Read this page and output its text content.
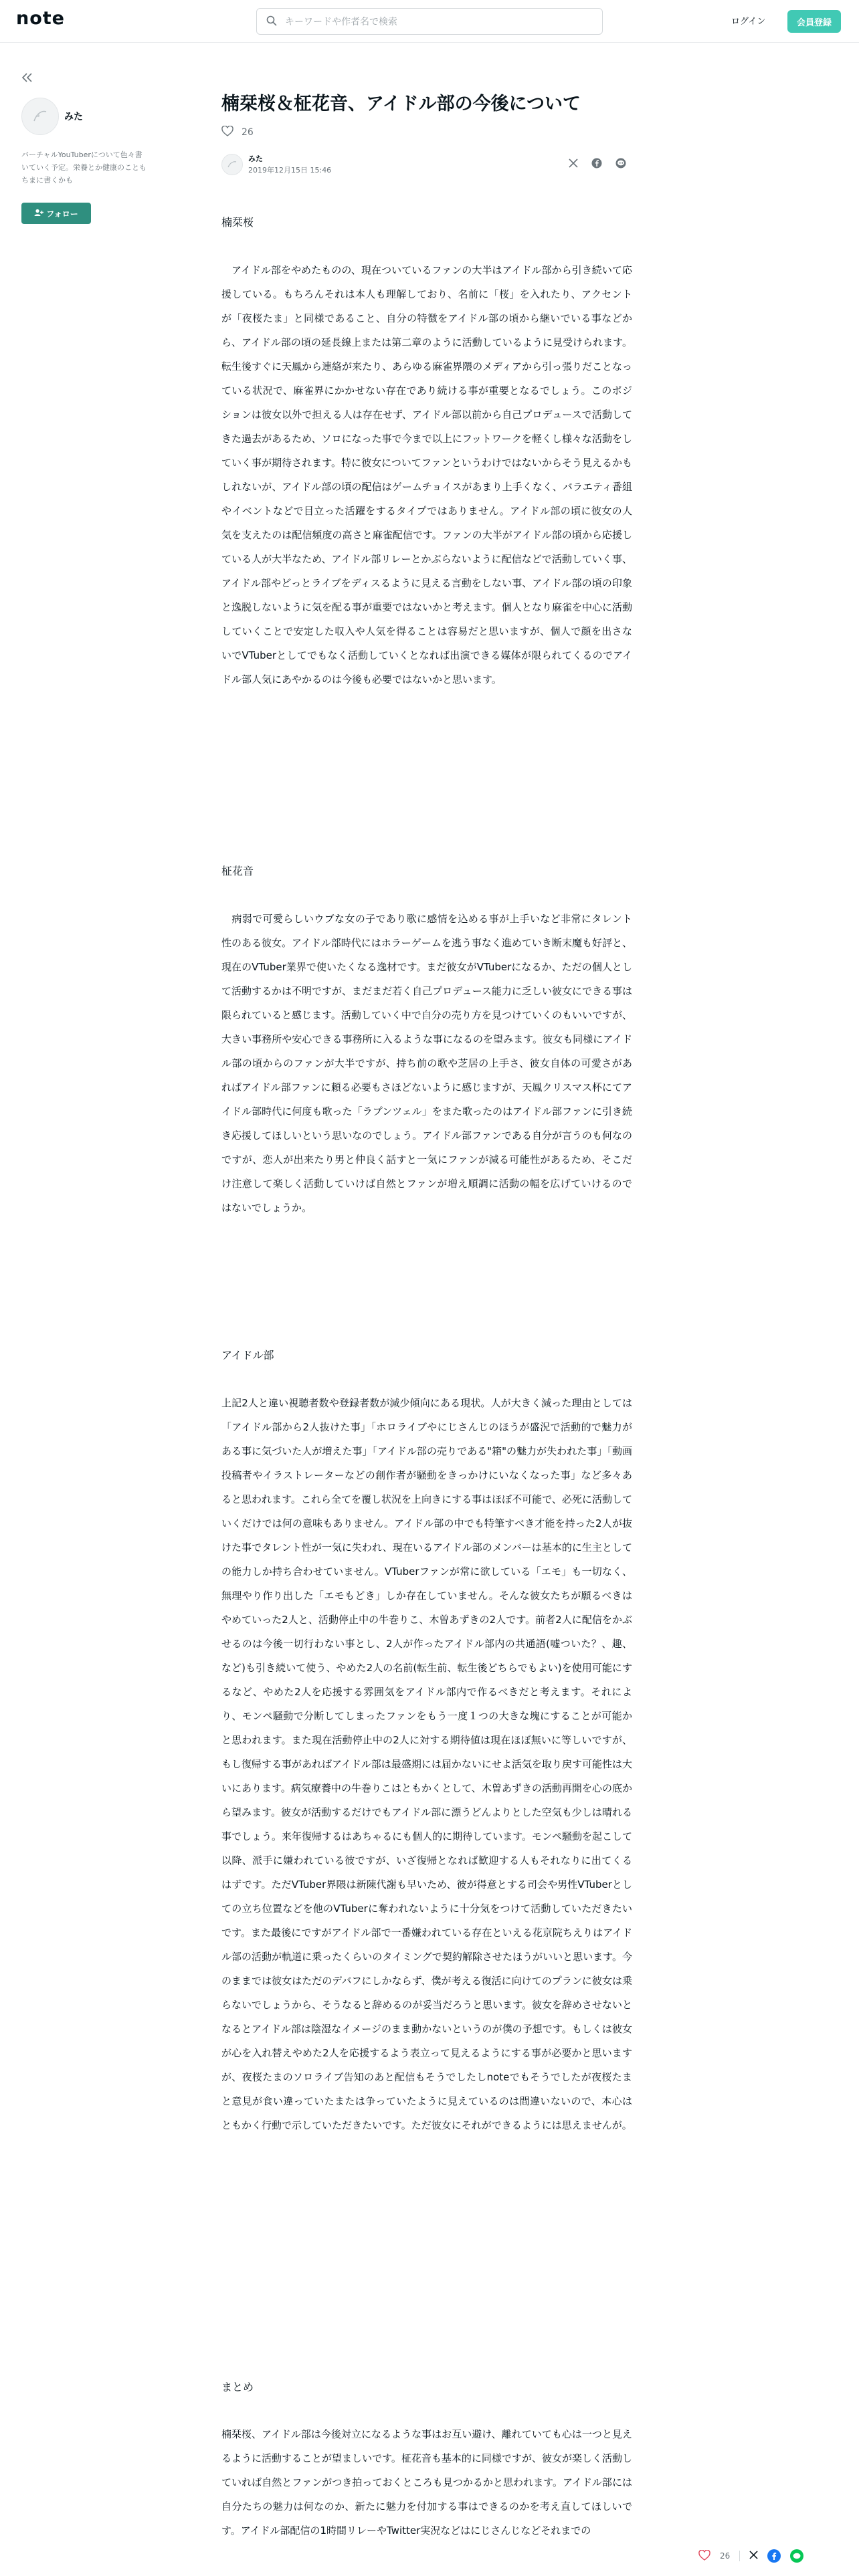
note
キーワードや作者名で検索	ログイン	会員登録
みた
バーチャルYouTuberについて色々書いていく予定。栄養とか健康のこともちまに書くかも
フォロー
楠栞桜＆柾花音、アイドル部の今後について
26
みた
2019年12月15日 15:46
楠栞桜

　アイドル部をやめたものの、現在ついているファンの大半はアイドル部から引き続いて応援している。もちろんそれは本人も理解しており、名前に「桜」を入れたり、アクセントが「夜桜たま」と同様であること、自分の特徴をアイドル部の頃から継いでいる事などから、アイドル部の頃の延長線上または第二章のように活動しているように見受けられます。転生後すぐに天鳳から連絡が来たり、あらゆる麻雀界隈のメディアから引っ張りだことなっている状況で、麻雀界にかかせない存在であり続ける事が重要となるでしょう。このポジションは彼女以外で担える人は存在せず、アイドル部以前から自己プロデュースで活動してきた過去があるため、ソロになった事で今まで以上にフットワークを軽くし様々な活動をしていく事が期待されます。特に彼女についてファンというわけではないからそう見えるかもしれないが、アイドル部の頃の配信はゲームチョイスがあまり上手くなく、バラエティ番組やイベントなどで目立った活躍をするタイプではありません。アイドル部の頃に彼女の人気を支えたのは配信頻度の高さと麻雀配信です。ファンの大半がアイドル部の頃から応援している人が大半なため、アイドル部リレーとかぶらないように配信などで活動していく事、アイドル部やどっとライブをディスるように見える言動をしない事、アイドル部の頃の印象と逸脱しないように気を配る事が重要ではないかと考えます。個人となり麻雀を中心に活動していくことで安定した収入や人気を得ることは容易だと思いますが、個人で顔を出さないでVTuberとしてでもなく活動していくとなれば出演できる媒体が限られてくるのでアイドル部人気にあやかるのは今後も必要ではないかと思います。

柾花音

　病弱で可愛らしいウブな女の子であり歌に感情を込める事が上手いなど非常にタレント性のある彼女。アイドル部時代にはホラーゲームを逃う事なく進めていき断末魔も好評と、現在のVTuber業界で使いたくなる逸材です。まだ彼女がVTuberになるか、ただの個人として活動するかは不明ですが、まだまだ若く自己プロデュース能力に乏しい彼女にできる事は限られていると感じます。活動していく中で自分の売り方を見つけていくのもいいですが、大きい事務所や安心できる事務所に入るような事になるのを望みます。彼女も同様にアイドル部の頃からのファンが大半ですが、持ち前の歌や芝居の上手さ、彼女自体の可愛さがあればアイドル部ファンに頼る必要もさほどないように感じますが、天鳳クリスマス杯にてアイドル部時代に何度も歌った「ラプンツェル」をまた歌ったのはアイドル部ファンに引き続き応援してほしいという思いなのでしょう。アイドル部ファンである自分が言うのも何なのですが、恋人が出来たり男と仲良く話すと一気にファンが減る可能性があるため、そこだけ注意して楽しく活動していけば自然とファンが増え順調に活動の幅を広げていけるのではないでしょうか。

アイドル部

上記2人と違い視聴者数や登録者数が減少傾向にある現状。人が大きく減った理由としては「アイドル部から2人抜けた事」「ホロライブやにじさんじのほうが盛況で活動的で魅力がある事に気づいた人が増えた事」「アイドル部の売りである"箱"の魅力が失われた事」「動画投稿者やイラストレーターなどの創作者が騒動をきっかけにいなくなった事」など多々あると思われます。これら全てを覆し状況を上向きにする事はほぼ不可能で、必死に活動していくだけでは何の意味もありません。アイドル部の中でも特筆すべき才能を持った2人が抜けた事でタレント性が一気に失われ、現在いるアイドル部のメンバーは基本的に生主としての能力しか持ち合わせていません。VTuberファンが常に欲している「エモ」も一切なく、無理やり作り出した「エモもどき」しか存在していません。そんな彼女たちが願るべきはやめていった2人と、活動停止中の牛巻りこ、木曽あずきの2人です。前者2人に配信をかぶせるのは今後一切行わない事とし、2人が作ったアイドル部内の共通語(嘘ついた？、趣、など)も引き続いて使う、やめた2人の名前(転生前、転生後どちらでもよい)を使用可能にするなど、やめた2人を応援する雰囲気をアイドル部内で作るべきだと考えます。それにより、モンペ騒動で分断してしまったファンをもう一度１つの大きな塊にすることが可能かと思われます。また現在活動停止中の2人に対する期待値は現在ほぼ無いに等しいですが、もし復帰する事があればアイドル部は最盛期には届かないにせよ活気を取り戻す可能性は大いにあります。病気療養中の牛巻りこはともかくとして、木曽あずきの活動再開を心の底から望みます。彼女が活動するだけでもアイドル部に漂うどんよりとした空気も少しは晴れる事でしょう。来年復帰するはあちゃるにも個人的に期待しています。モンペ騒動を起こして以降、派手に嫌われている彼ですが、いざ復帰となれば歓迎する人もそれなりに出てくるはずです。ただVTuber界隈は新陳代謝も早いため、彼が得意とする司会や男性VTuberとしての立ち位置などを他のVTuberに奪われないように十分気をつけて活動していただきたいです。また最後にですがアイドル部で一番嫌われている存在といえる花京院ちえりはアイドル部の活動が軌道に乗ったくらいのタイミングで契約解除させたほうがいいと思います。今のままでは彼女はただのデバフにしかならず、僕が考える復活に向けてのプランに彼女は乗らないでしょうから、そうなると辞めるのが妥当だろうと思います。彼女を辞めさせないとなるとアイドル部は陰湿なイメージのまま動かないというのが僕の予想です。もしくは彼女が心を入れ替えやめた2人を応援するよう表立って見えるようにする事が必要かと思いますが、夜桜たまのソロライブ告知のあと配信もそうでしたしnoteでもそうでしたが夜桜たまと意見が食い違っていたまたは争っていたように見えているのは間違いないので、本心はともかく行動で示していただきたいです。ただ彼女にそれができるようには思えませんが。

まとめ

楠栞桜、アイドル部は今後対立になるような事はお互い避け、離れていても心は一つと見えるように活動することが望ましいです。柾花音も基本的に同様ですが、彼女が楽しく活動していれば自然とファンがつき拍っておくところも見つかるかと思われます。アイドル部には自分たちの魅力は何なのか、新たに魅力を付加する事はできるのかを考え直してほしいです。アイドル部配信の1時間リレーやTwitter実況などはにじさんじなどそれまでの

26
